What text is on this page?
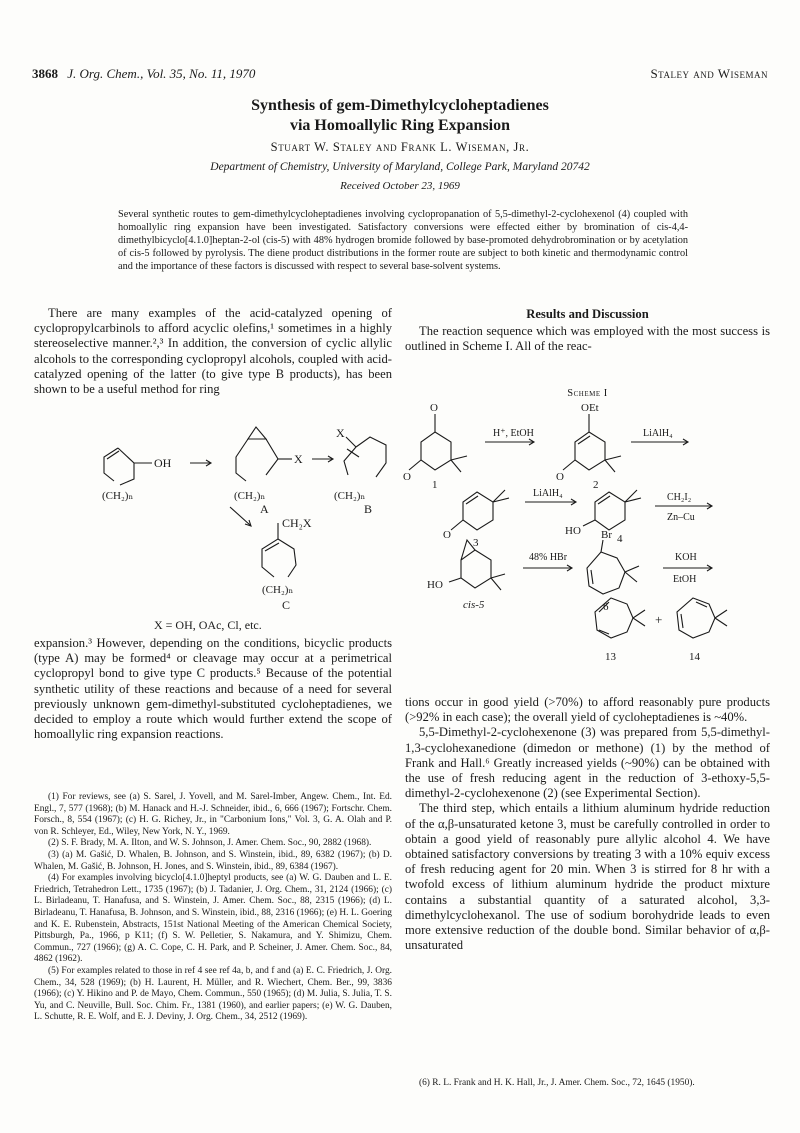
3868 J. Org. Chem., Vol. 35, No. 11, 1970	Staley and Wiseman
Synthesis of gem-Dimethylcycloheptadienes
via Homoallylic Ring Expansion
Stuart W. Staley and Frank L. Wiseman, Jr.
Department of Chemistry, University of Maryland, College Park, Maryland 20742
Received October 23, 1969
Several synthetic routes to gem-dimethylcycloheptadienes involving cyclopropanation of 5,5-dimethyl-2-cyclohexenol (4) coupled with homoallylic ring expansion have been investigated. Satisfactory conversions were effected either by bromination of cis-4,4-dimethylbicyclo[4.1.0]heptan-2-ol (cis-5) with 48% hydrogen bromide followed by base-promoted dehydrobromination or by acetylation of cis-5 followed by pyrolysis. The diene product distributions in the former route are subject to both kinetic and thermodynamic control and the importance of these factors is discussed with respect to several base-solvent systems.

There are many examples of the acid-catalyzed opening of cyclopropylcarbinols to afford acyclic olefins,¹ sometimes in a highly stereoselective manner.²,³ In addition, the conversion of cyclic allylic alcohols to the corresponding cyclopropyl alcohols, coupled with acid-catalyzed opening of the latter (to give type B products), has been shown to be a useful method for ring

OH
(CH₂)ₙ
X
(CH₂)ₙ
A
X
(CH₂)ₙ
B
CH₂X
(CH₂)ₙ
C
X = OH, OAc, Cl, etc.

expansion.³ However, depending on the conditions, bicyclic products (type A) may be formed⁴ or cleavage may occur at a perimetrical cyclopropyl bond to give type C products.⁵ Because of the potential synthetic utility of these reactions and because of a need for several previously unknown gem-dimethyl-substituted cycloheptadienes, we decided to employ a route which would further extend the scope of homoallylic ring expansion reactions.

(1) For reviews, see (a) S. Sarel, J. Yovell, and M. Sarel-Imber, Angew. Chem., Int. Ed. Engl., 7, 577 (1968); (b) M. Hanack and H.-J. Schneider, ibid., 6, 666 (1967); Fortschr. Chem. Forsch., 8, 554 (1967); (c) H. G. Richey, Jr., in "Carbonium Ions," Vol. 3, G. A. Olah and P. von R. Schleyer, Ed., Wiley, New York, N. Y., 1969.

(2) S. F. Brady, M. A. Ilton, and W. S. Johnson, J. Amer. Chem. Soc., 90, 2882 (1968).

(3) (a) M. Gašić, D. Whalen, B. Johnson, and S. Winstein, ibid., 89, 6382 (1967); (b) D. Whalen, M. Gašić, B. Johnson, H. Jones, and S. Winstein, ibid., 89, 6384 (1967).

(4) For examples involving bicyclo[4.1.0]heptyl products, see (a) W. G. Dauben and L. E. Friedrich, Tetrahedron Lett., 1735 (1967); (b) J. Tadanier, J. Org. Chem., 31, 2124 (1966); (c) L. Birladeanu, T. Hanafusa, and S. Winstein, J. Amer. Chem. Soc., 88, 2315 (1966); (d) L. Birladeanu, T. Hanafusa, B. Johnson, and S. Winstein, ibid., 88, 2316 (1966); (e) H. L. Goering and K. E. Rubenstein, Abstracts, 151st National Meeting of the American Chemical Society, Pittsburgh, Pa., 1966, p K11; (f) S. W. Pelletier, S. Nakamura, and Y. Shimizu, Chem. Commun., 727 (1966); (g) A. C. Cope, C. H. Park, and P. Scheiner, J. Amer. Chem. Soc., 84, 4862 (1962).

(5) For examples related to those in ref 4 see ref 4a, b, and f and (a) E. C. Friedrich, J. Org. Chem., 34, 528 (1969); (b) H. Laurent, H. Müller, and R. Wiechert, Chem. Ber., 99, 3836 (1966); (c) Y. Hikino and P. de Mayo, Chem. Commun., 550 (1965); (d) M. Julia, S. Julia, T. S. Yu, and C. Neuville, Bull. Soc. Chim. Fr., 1381 (1960), and earlier papers; (e) W. G. Dauben, L. Schutte, R. E. Wolf, and E. J. Deviny, J. Org. Chem., 34, 2512 (1969).

Results and Discussion
The reaction sequence which was employed with the most success is outlined in Scheme I. All of the reac-
Scheme I
O
O
1
H⁺, EtOH
OEt
O
2
LiAlH₄
O
3
LiAlH₄
HO
4
CH₂I₂
Zn–Cu
HO
cis-5
48% HBr
Br
6
KOH
EtOH
+
13	14

tions occur in good yield (>70%) to afford reasonably pure products (>92% in each case); the overall yield of cycloheptadienes is ~40%.

5,5-Dimethyl-2-cyclohexenone (3) was prepared from 5,5-dimethyl-1,3-cyclohexanedione (dimedon or methone) (1) by the method of Frank and Hall.⁶ Greatly increased yields (~90%) can be obtained with the use of fresh reducing agent in the reduction of 3-ethoxy-5,5-dimethyl-2-cyclohexenone (2) (see Experimental Section).

The third step, which entails a lithium aluminum hydride reduction of the α,β-unsaturated ketone 3, must be carefully controlled in order to obtain a good yield of reasonably pure allylic alcohol 4. We have obtained satisfactory conversions by treating 3 with a 10% equiv excess of fresh reducing agent for 20 min. When 3 is stirred for 8 hr with a twofold excess of lithium aluminum hydride the product mixture contains a substantial quantity of a saturated alcohol, 3,3-dimethylcyclohexanol. The use of sodium borohydride leads to even more extensive reduction of the double bond. Similar behavior of α,β-unsaturated

(6) R. L. Frank and H. K. Hall, Jr., J. Amer. Chem. Soc., 72, 1645 (1950).
